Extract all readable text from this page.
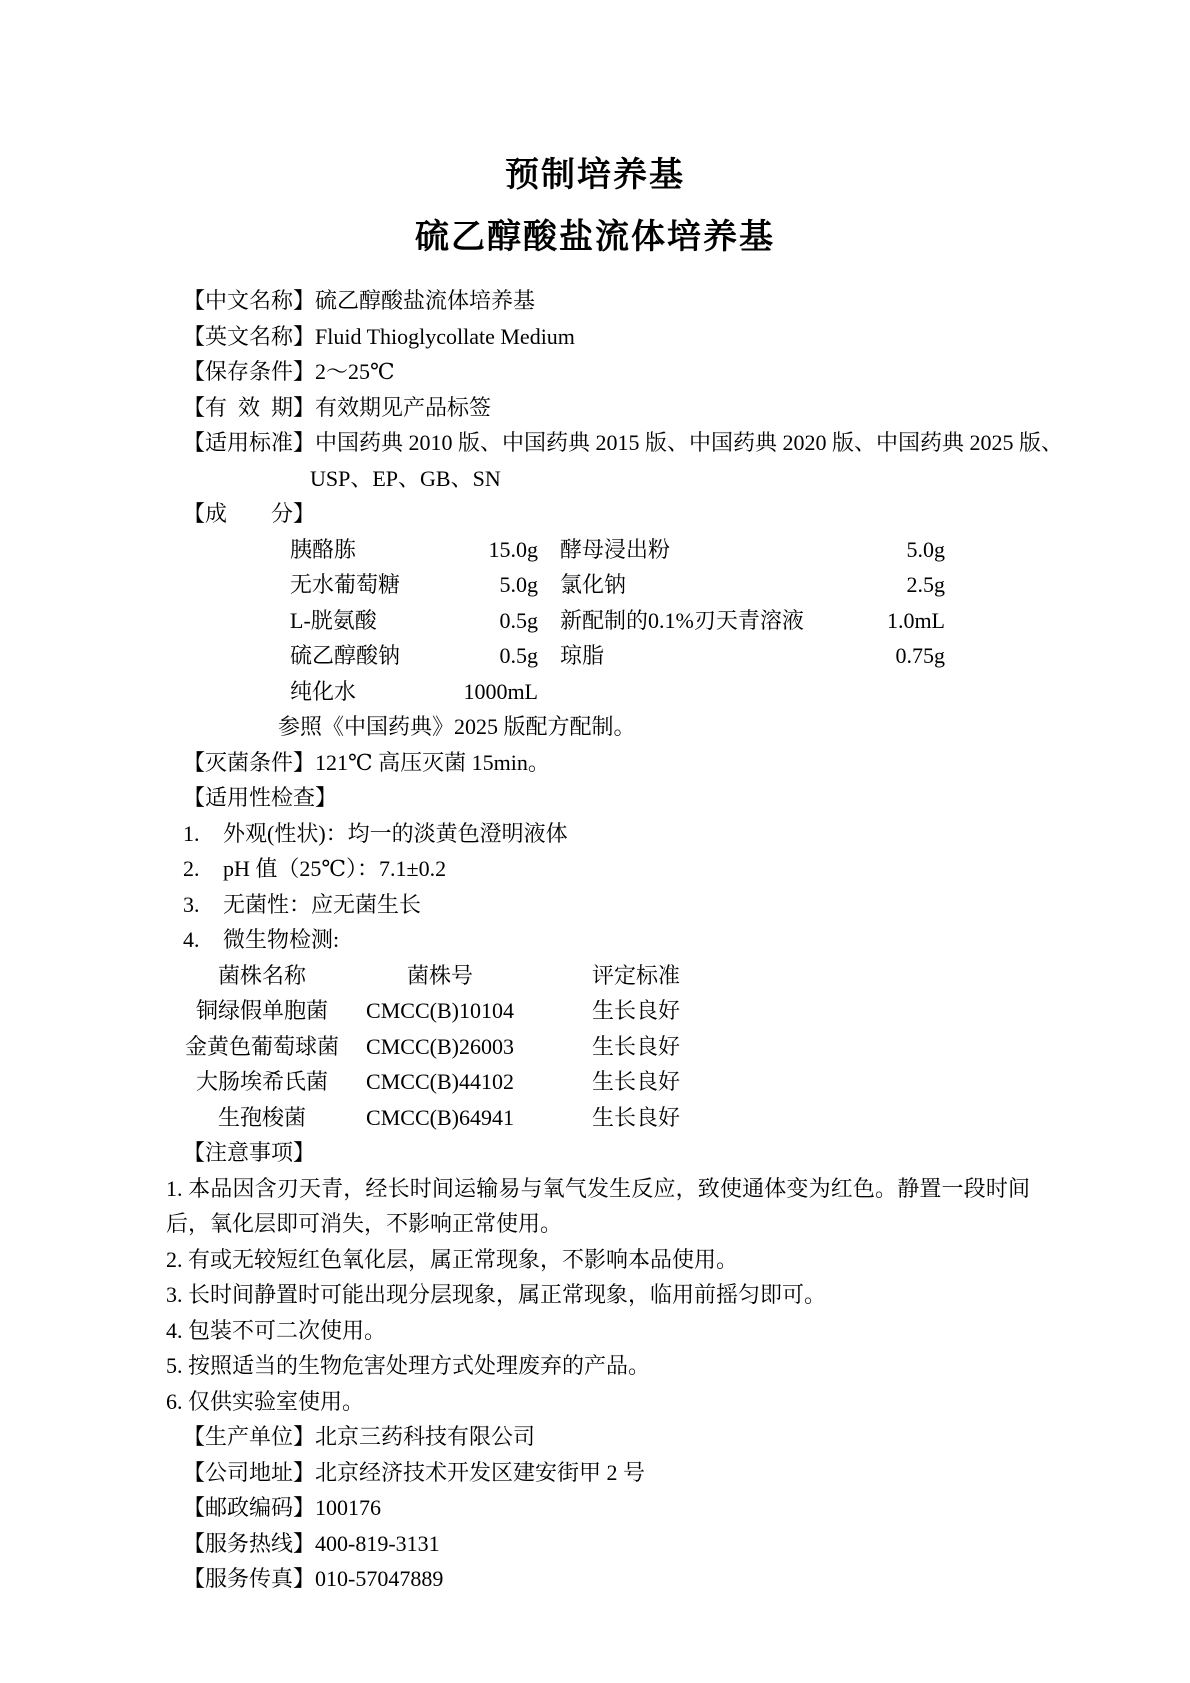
预制培养基
硫乙醇酸盐流体培养基
【中文名称】硫乙醇酸盐流体培养基
【英文名称】Fluid Thioglycollate Medium
【保存条件】2～25℃
【有 效 期】有效期见产品标签
【适用标准】中国药典 2010 版、中国药典 2015 版、中国药典 2020 版、中国药典 2025 版、
USP、EP、GB、SN
【成　　分】
胰酪胨	15.0g 酵母浸出粉	5.0g
无水葡萄糖	5.0g 氯化钠	2.5g
L-胱氨酸	0.5g 新配制的0.1%刃天青溶液	1.0mL
硫乙醇酸钠	0.5g 琼脂	0.75g
纯化水	1000mL
参照《中国药典》2025 版配方配制。
【灭菌条件】121℃ 高压灭菌 15min。
【适用性检查】
1.	外观(性状)：均一的淡黄色澄明液体
2.	pH 值（25℃）：7.1±0.2
3.	无菌性：应无菌生长
4.	微生物检测:
菌株名称	菌株号	评定标准
铜绿假单胞菌	CMCC(B)10104	生长良好
金黄色葡萄球菌 CMCC(B)26003	生长良好
大肠埃希氏菌	CMCC(B)44102	生长良好
生孢梭菌	CMCC(B)64941	生长良好
【注意事项】
1. 本品因含刃天青，经长时间运输易与氧气发生反应，致使通体变为红色。静置一段时间后，氧化层即可消失，不影响正常使用。
2. 有或无较短红色氧化层，属正常现象，不影响本品使用。
3. 长时间静置时可能出现分层现象，属正常现象，临用前摇匀即可。
4. 包装不可二次使用。
5. 按照适当的生物危害处理方式处理废弃的产品。
6. 仅供实验室使用。
【生产单位】北京三药科技有限公司
【公司地址】北京经济技术开发区建安街甲 2 号
【邮政编码】100176
【服务热线】400-819-3131
【服务传真】010-57047889
